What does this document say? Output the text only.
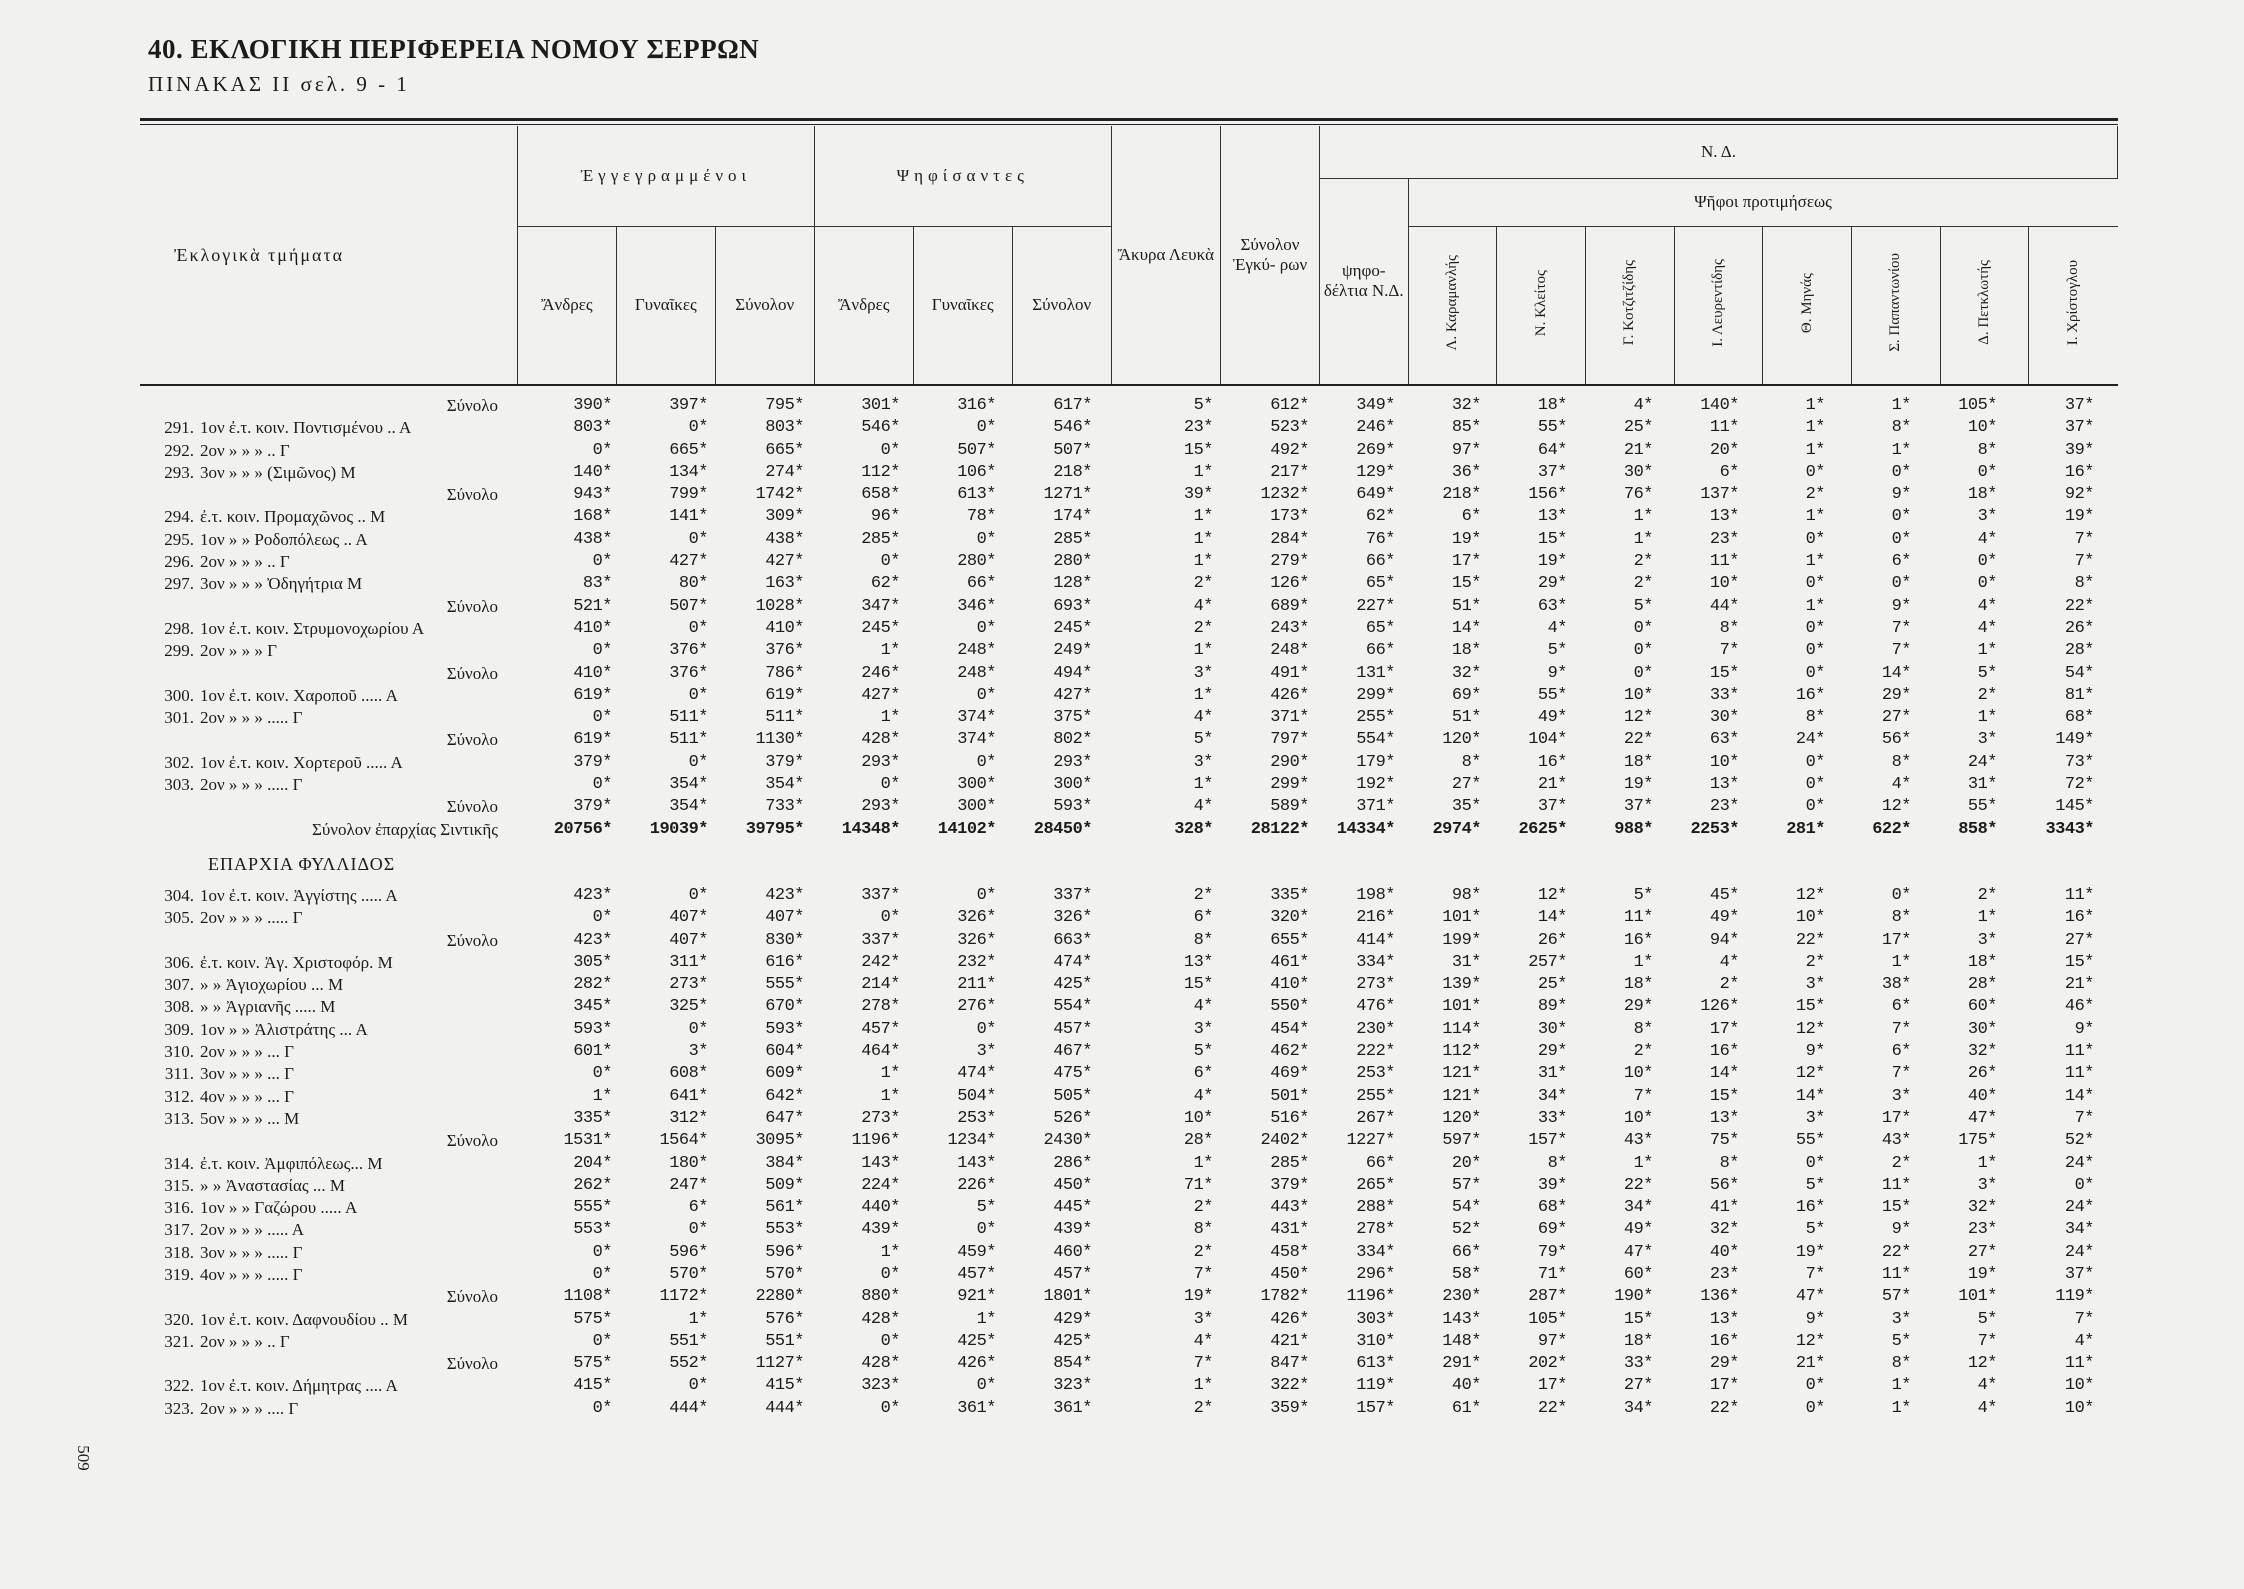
40. ΕΚΛΟΓΙΚΗ ΠΕΡΙΦΕΡΕΙΑ ΝΟΜΟΥ ΣΕΡΡΩΝ
ΠΙΝΑΚΑΣ ΙΙ σελ. 9 - 1
Ἐκλογικὰ τμήματα	Ἐγγεγραμμένοι			Ψηφίσαντες			Ἄκυρα Λευκὰ	Σύνολον Ἐγκύ- ρων	Ν. Δ.								
									ψηφο- δέλτια Ν.Δ.	Ψῆφοι προτιμήσεως							
	Ἄνδρες	Γυναῖκες	Σύνολον	Ἄνδρες	Γυναῖκες	Σύνολον				Λ. Καραμανλής	Ν. Κλείτος	Γ. Κοτζιτζίδης	Ι. Λευρεντίδης	Θ. Μηνάς	Σ. Παπαντωνίου	Δ. Πετκλωτής	Ι. Χρίστογλου
Σύνολο	390*	397*	795*	301*	316*	617*	5*	612*	349*	32*	18*	4*	140*	1*	1*	105*	37*
291. 1ον ἐ.τ. κοιν. Ποντισμένου .. Α	803*	0*	803*	546*	0*	546*	23*	523*	246*	85*	55*	25*	11*	1*	8*	10*	37*
292. 2ον » » » .. Γ	0*	665*	665*	0*	507*	507*	15*	492*	269*	97*	64*	21*	20*	1*	1*	8*	39*
293. 3ον » » » (Σιμῶνος) Μ	140*	134*	274*	112*	106*	218*	1*	217*	129*	36*	37*	30*	6*	0*	0*	0*	16*
Σύνολο	943*	799*	1742*	658*	613*	1271*	39*	1232*	649*	218*	156*	76*	137*	2*	9*	18*	92*
294. ἐ.τ. κοιν. Προμαχῶνος .. Μ	168*	141*	309*	96*	78*	174*	1*	173*	62*	6*	13*	1*	13*	1*	0*	3*	19*
295. 1ον » » Ροδοπόλεως .. Α	438*	0*	438*	285*	0*	285*	1*	284*	76*	19*	15*	1*	23*	0*	0*	4*	7*
296. 2ον » » » .. Γ	0*	427*	427*	0*	280*	280*	1*	279*	66*	17*	19*	2*	11*	1*	6*	0*	7*
297. 3ον » » » Ὀδηγήτρια Μ	83*	80*	163*	62*	66*	128*	2*	126*	65*	15*	29*	2*	10*	0*	0*	0*	8*
Σύνολο	521*	507*	1028*	347*	346*	693*	4*	689*	227*	51*	63*	5*	44*	1*	9*	4*	22*
298. 1ον ἐ.τ. κοιν. Στρυμονοχωρίου Α	410*	0*	410*	245*	0*	245*	2*	243*	65*	14*	4*	0*	8*	0*	7*	4*	26*
299. 2ον » » » Γ	0*	376*	376*	1*	248*	249*	1*	248*	66*	18*	5*	0*	7*	0*	7*	1*	28*
Σύνολο	410*	376*	786*	246*	248*	494*	3*	491*	131*	32*	9*	0*	15*	0*	14*	5*	54*
300. 1ον ἐ.τ. κοιν. Χαροποῦ ..... Α	619*	0*	619*	427*	0*	427*	1*	426*	299*	69*	55*	10*	33*	16*	29*	2*	81*
301. 2ον » » » ..... Γ	0*	511*	511*	1*	374*	375*	4*	371*	255*	51*	49*	12*	30*	8*	27*	1*	68*
Σύνολο	619*	511*	1130*	428*	374*	802*	5*	797*	554*	120*	104*	22*	63*	24*	56*	3*	149*
302. 1ον ἐ.τ. κοιν. Χορτεροῦ ..... Α	379*	0*	379*	293*	0*	293*	3*	290*	179*	8*	16*	18*	10*	0*	8*	24*	73*
303. 2ον » » » ..... Γ	0*	354*	354*	0*	300*	300*	1*	299*	192*	27*	21*	19*	13*	0*	4*	31*	72*
Σύνολο	379*	354*	733*	293*	300*	593*	4*	589*	371*	35*	37*	37*	23*	0*	12*	55*	145*
Σύνολον ἐπαρχίας Σιντικῆς	20756*	19039*	39795*	14348*	14102*	28450*	328*	28122*	14334*	2974*	2625*	988*	2253*	281*	622*	858*	3343*
ΕΠΑΡΧΙΑ ΦΥΛΛΙΔΟΣ
304. 1ον ἐ.τ. κοιν. Ἀγγίστης ..... Α	423*	0*	423*	337*	0*	337*	2*	335*	198*	98*	12*	5*	45*	12*	0*	2*	11*
305. 2ον » » » ..... Γ	0*	407*	407*	0*	326*	326*	6*	320*	216*	101*	14*	11*	49*	10*	8*	1*	16*
Σύνολο	423*	407*	830*	337*	326*	663*	8*	655*	414*	199*	26*	16*	94*	22*	17*	3*	27*
306. ἐ.τ. κοιν. Ἀγ. Χριστοφόρ. Μ	305*	311*	616*	242*	232*	474*	13*	461*	334*	31*	257*	1*	4*	2*	1*	18*	15*
307. » » Ἀγιοχωρίου ... Μ	282*	273*	555*	214*	211*	425*	15*	410*	273*	139*	25*	18*	2*	3*	38*	28*	21*
308. » » Ἀγριανῆς ..... Μ	345*	325*	670*	278*	276*	554*	4*	550*	476*	101*	89*	29*	126*	15*	6*	60*	46*
309. 1ον » » Ἀλιστράτης ... Α	593*	0*	593*	457*	0*	457*	3*	454*	230*	114*	30*	8*	17*	12*	7*	30*	9*
310. 2ον » » » ... Γ	601*	3*	604*	464*	3*	467*	5*	462*	222*	112*	29*	2*	16*	9*	6*	32*	11*
311. 3ον » » » ... Γ	0*	608*	609*	1*	474*	475*	6*	469*	253*	121*	31*	10*	14*	12*	7*	26*	11*
312. 4ον » » » ... Γ	1*	641*	642*	1*	504*	505*	4*	501*	255*	121*	34*	7*	15*	14*	3*	40*	14*
313. 5ον » » » ... Μ	335*	312*	647*	273*	253*	526*	10*	516*	267*	120*	33*	10*	13*	3*	17*	47*	7*
Σύνολο	1531*	1564*	3095*	1196*	1234*	2430*	28*	2402*	1227*	597*	157*	43*	75*	55*	43*	175*	52*
314. ἐ.τ. κοιν. Ἀμφιπόλεως... Μ	204*	180*	384*	143*	143*	286*	1*	285*	66*	20*	8*	1*	8*	0*	2*	1*	24*
315. » » Ἀναστασίας ... Μ	262*	247*	509*	224*	226*	450*	71*	379*	265*	57*	39*	22*	56*	5*	11*	3*	0*
316. 1ον » » Γαζώρου ..... Α	555*	6*	561*	440*	5*	445*	2*	443*	288*	54*	68*	34*	41*	16*	15*	32*	24*
317. 2ον » » » ..... Α	553*	0*	553*	439*	0*	439*	8*	431*	278*	52*	69*	49*	32*	5*	9*	23*	34*
318. 3ον » » » ..... Γ	0*	596*	596*	1*	459*	460*	2*	458*	334*	66*	79*	47*	40*	19*	22*	27*	24*
319. 4ον » » » ..... Γ	0*	570*	570*	0*	457*	457*	7*	450*	296*	58*	71*	60*	23*	7*	11*	19*	37*
Σύνολο	1108*	1172*	2280*	880*	921*	1801*	19*	1782*	1196*	230*	287*	190*	136*	47*	57*	101*	119*
320. 1ον ἐ.τ. κοιν. Δαφνουδίου .. Μ	575*	1*	576*	428*	1*	429*	3*	426*	303*	143*	105*	15*	13*	9*	3*	5*	7*
321. 2ον » » » .. Γ	0*	551*	551*	0*	425*	425*	4*	421*	310*	148*	97*	18*	16*	12*	5*	7*	4*
Σύνολο	575*	552*	1127*	428*	426*	854*	7*	847*	613*	291*	202*	33*	29*	21*	8*	12*	11*
322. 1ον ἐ.τ. κοιν. Δήμητρας .... Α	415*	0*	415*	323*	0*	323*	1*	322*	119*	40*	17*	27*	17*	0*	1*	4*	10*
323. 2ον » » » .... Γ	0*	444*	444*	0*	361*	361*	2*	359*	157*	61*	22*	34*	22*	0*	1*	4*	10*
509
